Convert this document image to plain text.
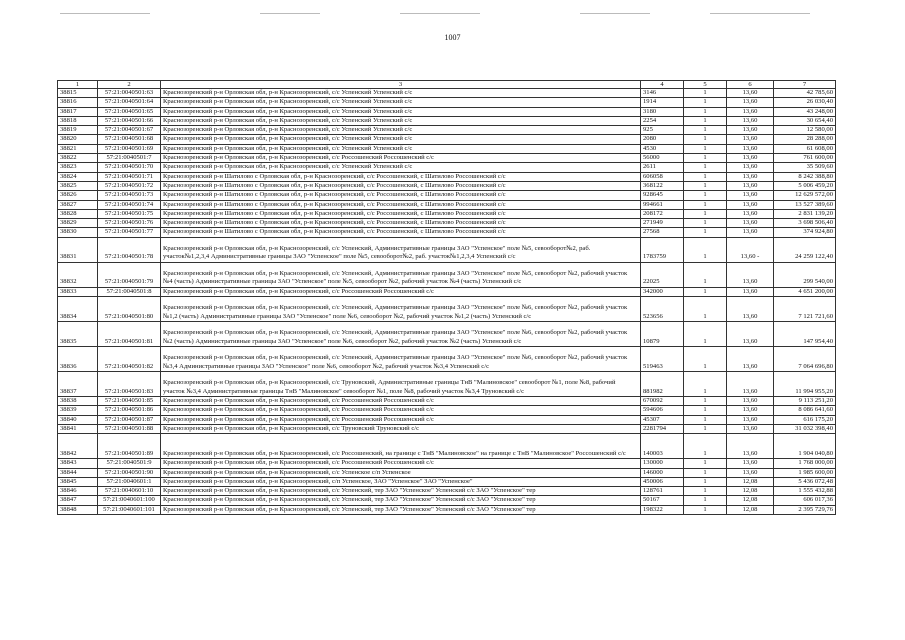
1007
1	2	3	4	5	6	7
38815	57:21:0040501:63	Краснозоренский р-н Орловская обл, р-н Краснозоренский, с/с Успенский Успенский с/с	3146	1	13,60	42 785,60
38816	57:21:0040501:64	Краснозоренский р-н Орловская обл, р-н Краснозоренский, с/с Успенский Успенский с/с	1914	1	13,60	26 030,40
38817	57:21:0040501:65	Краснозоренский р-н Орловская обл, р-н Краснозоренский, с/с Успенский Успенский с/с	3180	1	13,60	43 248,00
38818	57:21:0040501:66	Краснозоренский р-н Орловская обл, р-н Краснозоренский, с/с Успенский Успенский с/с	2254	1	13,60	30 654,40
38819	57:21:0040501:67	Краснозоренский р-н Орловская обл, р-н Краснозоренский, с/с Успенский Успенский с/с	925	1	13,60	12 580,00
38820	57:21:0040501:68	Краснозоренский р-н Орловская обл, р-н Краснозоренский, с/с Успенский Успенский с/с	2080	1	13,60	28 288,00
38821	57:21:0040501:69	Краснозоренский р-н Орловская обл, р-н Краснозоренский, с/с Успенский Успенский с/с	4530	1	13,60	61 608,00
38822	57:21:0040501:7	Краснозоренский р-н Орловская обл, р-н Краснозоренский, с/с Россошенский Россошенский с/с	56000	1	13,60	761 600,00
38823	57:21:0040501:70	Краснозоренский р-н Орловская обл, р-н Краснозоренский, с/с Успенский Успенский с/с	2611	1	13,60	35 509,60
38824	57:21:0040501:71	Краснозоренский р-н Шатилово с Орловская обл, р-н Краснозоренский, с/с Россошенский, с Шатилово Россошенский с/с	606058	1	13,60	8 242 388,80
38825	57:21:0040501:72	Краснозоренский р-н Шатилово с Орловская обл, р-н Краснозоренский, с/с Россошенский, с Шатилово Россошенский с/с	368122	1	13,60	5 006 459,20
38826	57:21:0040501:73	Краснозоренский р-н Шатилово с Орловская обл, р-н Краснозоренский, с/с Россошенский, с Шатилово Россошенский с/с	928645	1	13,60	12 629 572,00
38827	57:21:0040501:74	Краснозоренский р-н Шатилово с Орловская обл, р-н Краснозоренский, с/с Россошенский, с Шатилово Россошенский с/с	994661	1	13,60	13 527 389,60
38828	57:21:0040501:75	Краснозоренский р-н Шатилово с Орловская обл, р-н Краснозоренский, с/с Россошенский, с Шатилово Россошенский с/с	208172	1	13,60	2 831 139,20
38829	57:21:0040501:76	Краснозоренский р-н Шатилово с Орловская обл, р-н Краснозоренский, с/с Россошенский, с Шатилово Россошенский с/с	271949	1	13,60	3 698 506,40
38830	57:21:0040501:77	Краснозоренский р-н Шатилово с Орловская обл, р-н Краснозоренский, с/с Россошенский, с Шатилово Россошенский с/с	27568	1	13,60	374 924,80
38831	57:21:0040501:78	Краснозоренский р-н Орловская обл, р-н Краснозоренский, с/с Успенский, Административные границы ЗАО "Успенское" поле №5, севооборот№2, раб. участок№1,2,3,4 Административные границы ЗАО "Успенское" поле №5, севооборот№2, раб. участок№1,2,3,4 Успенский с/с	1783759	1	13,60 -	24 259 122,40
38832	57:21:0040501:79	Краснозоренский р-н Орловская обл, р-н Краснозоренский, с/с Успенский, Административные границы ЗАО "Успенское" поле №5, севооборот №2, рабочий участок №4 (часть) Административные границы ЗАО "Успенское" поле №5, севооборот №2, рабочий участок №4 (часть) Успенский с/с	22025	1	13,60	299 540,00
38833	57:21:0040501:8	Краснозоренский р-н Орловская обл, р-н Краснозоренский, с/с Россошенский Россошенский с/с	342000	1	13,60	4 651 200,00
38834	57:21:0040501:80	Краснозоренский р-н Орловская обл, р-н Краснозоренский, с/с Успенский, Административные границы ЗАО "Успенское" поле №6, севооборот №2, рабочий участок №1,2 (часть) Административные границы ЗАО "Успенское" поле №6, севооборот №2, рабочий участок №1,2 (часть) Успенский с/с	523656	1	13,60	7 121 721,60
38835	57:21:0040501:81	Краснозоренский р-н Орловская обл, р-н Краснозоренский, с/с Успенский, Административные границы ЗАО "Успенское" поле №6, севооборот №2, рабочий участок №2 (часть) Административные границы ЗАО "Успенское" поле №6, севооборот №2, рабочий участок №2 (часть) Успенский с/с	10879	1	13,60	147 954,40
38836	57:21:0040501:82	Краснозоренский р-н Орловская обл, р-н Краснозоренский, с/с Успенский, Административные границы ЗАО "Успенское" поле №6, севооборот №2, рабочий участок №3,4 Административные границы ЗАО "Успенское" поле №6, севооборот №2, рабочий участок №3,4 Успенский с/с	519463	1	13,60	7 064 696,80
38837	57:21:0040501:83	Краснозоренский р-н Орловская обл, р-н Краснозоренский, с/с Труновский, Административные границы ТнВ "Малиновское" севооборот №1, поле №8, рабочий участок №3,4 Административные границы ТнВ "Малиновское" севооборот №1, поле №8, рабочий участок №3,4 Труновский с/с	881982	1	13,60	11 994 955,20
38838	57:21:0040501:85	Краснозоренский р-н Орловская обл, р-н Краснозоренский, с/с Россошенский Россошенский с/с	670092	1	13,60	9 113 251,20
38839	57:21:0040501:86	Краснозоренский р-н Орловская обл, р-н Краснозоренский, с/с Россошенский Россошенский с/с	594606	1	13,60	8 086 641,60
38840	57:21:0040501:87	Краснозоренский р-н Орловская обл, р-н Краснозоренский, с/с Россошенский Россошенский с/с	45307	1	13,60	616 175,20
38841	57:21:0040501:88	Краснозоренский р-н Орловская обл, р-н Краснозоренский, с/с Труновский Труновский с/с	2281794	1	13,60	31 032 398,40
38842	57:21:0040501:89	Краснозоренский р-н Орловская обл, р-н Краснозоренский, с/с Россошенский, на границе с ТнВ "Малиновское" на границе с ТнВ "Малиновское" Россошенский с/с	140003	1	13,60	1 904 040,80
38843	57:21:0040501:9	Краснозоренский р-н Орловская обл, р-н Краснозоренский, с/с Россошенский Россошенский с/с	130000	1	13,60	1 768 000,00
38844	57:21:0040501:90	Краснозоренский р-н Орловская обл, р-н Краснозоренский, с/с Успенское с/п Успенское	146000	1	13,60	1 985 600,00
38845	57:21:0040601:1	Краснозоренский р-н Орловская обл, р-н Краснозоренский, с/п Успенское, ЗАО "Успенское" ЗАО "Успенское"	450006	1	12,08	5 436 072,48
38846	57:21:0040601:10	Краснозоренский р-н Орловская обл, р-н Краснозоренский, с/с Успенский, тер ЗАО "Успенское" Успенский с/с ЗАО "Успенское" тер	128761	1	12,08	1 555 432,88
38847	57:21:0040601:100	Краснозоренский р-н Орловская обл, р-н Краснозоренский, с/с Успенский, тер ЗАО "Успенское" Успенский с/с ЗАО "Успенское" тер	50167	1	12,08	606 017,36
38848	57:21:0040601:101	Краснозоренский р-н Орловская обл, р-н Краснозоренский, с/с Успенский, тер ЗАО "Успенское" Успенский с/с ЗАО "Успенское" тер	198322	1	12,08	2 395 729,76
